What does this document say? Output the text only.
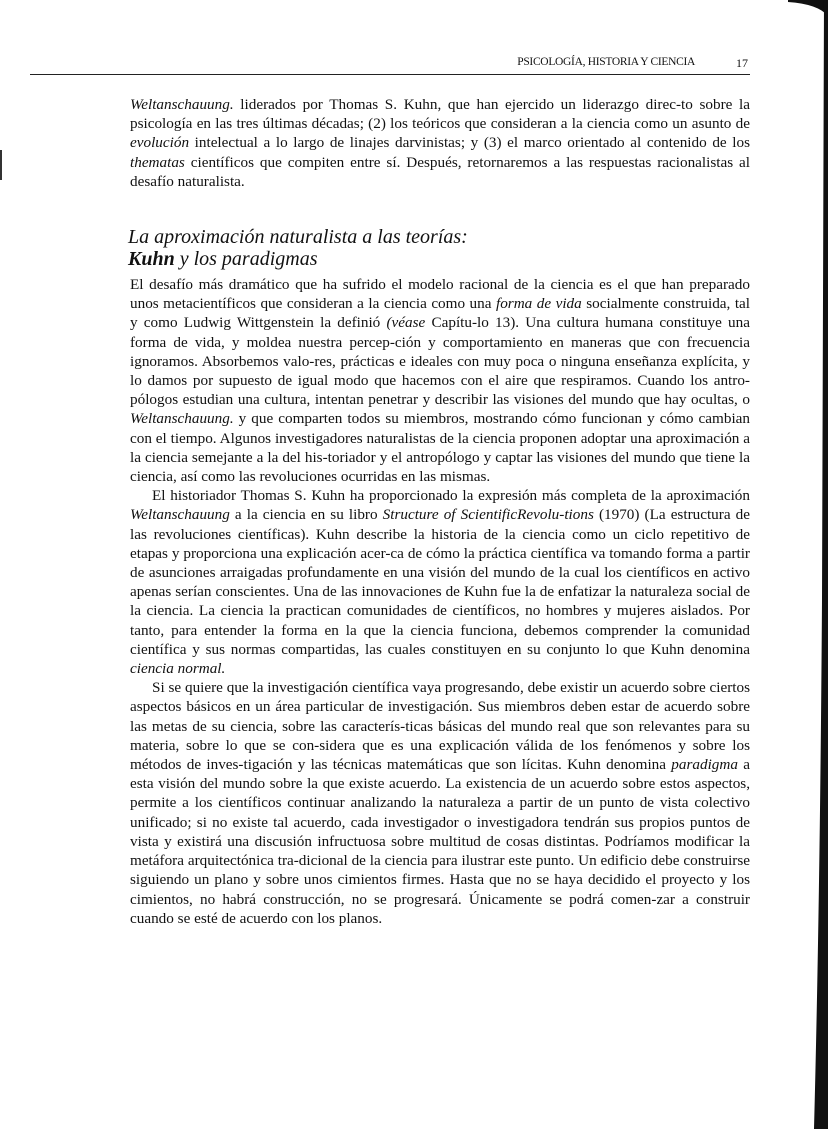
PSICOLOGÍA, HISTORIA Y CIENCIA	17

Weltanschauung. liderados por Thomas S. Kuhn, que han ejercido un liderazgo direc-to sobre la psicología en las tres últimas décadas; (2) los teóricos que consideran a la ciencia como un asunto de evolución intelectual a lo largo de linajes darvinistas; y (3) el marco orientado al contenido de los thematas científicos que compiten entre sí. Después, retornaremos a las respuestas racionalistas al desafío naturalista.

La aproximación naturalista a las teorías:
Kuhn y los paradigmas

El desafío más dramático que ha sufrido el modelo racional de la ciencia es el que han preparado unos metacientíficos que consideran a la ciencia como una forma de vida socialmente construida, tal y como Ludwig Wittgenstein la definió (véase Capítu-lo 13). Una cultura humana constituye una forma de vida, y moldea nuestra percep-ción y comportamiento en maneras que con frecuencia ignoramos. Absorbemos valo-res, prácticas e ideales con muy poca o ninguna enseñanza explícita, y lo damos por supuesto de igual modo que hacemos con el aire que respiramos. Cuando los antro-pólogos estudian una cultura, intentan penetrar y describir las visiones del mundo que hay ocultas, o Weltanschauung. y que comparten todos su miembros, mostrando cómo funcionan y cómo cambian con el tiempo. Algunos investigadores naturalistas de la ciencia proponen adoptar una aproximación a la ciencia semejante a la del his-toriador y el antropólogo y captar las visiones del mundo que tiene la ciencia, así como las revoluciones ocurridas en las mismas.

El historiador Thomas S. Kuhn ha proporcionado la expresión más completa de la aproximación Weltanschauung a la ciencia en su libro Structure of ScientificRevolu-tions (1970) (La estructura de las revoluciones científicas). Kuhn describe la historia de la ciencia como un ciclo repetitivo de etapas y proporciona una explicación acer-ca de cómo la práctica científica va tomando forma a partir de asunciones arraigadas profundamente en una visión del mundo de la cual los científicos en activo apenas serían conscientes. Una de las innovaciones de Kuhn fue la de enfatizar la naturaleza social de la ciencia. La ciencia la practican comunidades de científicos, no hombres y mujeres aislados. Por tanto, para entender la forma en la que la ciencia funciona, debemos comprender la comunidad científica y sus normas compartidas, las cuales constituyen en su conjunto lo que Kuhn denomina ciencia normal.

Si se quiere que la investigación científica vaya progresando, debe existir un acuerdo sobre ciertos aspectos básicos en un área particular de investigación. Sus miembros deben estar de acuerdo sobre las metas de su ciencia, sobre las caracterís-ticas básicas del mundo real que son relevantes para su materia, sobre lo que se con-sidera que es una explicación válida de los fenómenos y sobre los métodos de inves-tigación y las técnicas matemáticas que son lícitas. Kuhn denomina paradigma a esta visión del mundo sobre la que existe acuerdo. La existencia de un acuerdo sobre estos aspectos, permite a los científicos continuar analizando la naturaleza a partir de un punto de vista colectivo unificado; si no existe tal acuerdo, cada investigador o investigadora tendrán sus propios puntos de vista y existirá una discusión infructuosa sobre multitud de cosas distintas. Podríamos modificar la metáfora arquitectónica tra-dicional de la ciencia para ilustrar este punto. Un edificio debe construirse siguiendo un plano y sobre unos cimientos firmes. Hasta que no se haya decidido el proyecto y los cimientos, no habrá construcción, no se progresará. Únicamente se podrá comen-zar a construir cuando se esté de acuerdo con los planos.
